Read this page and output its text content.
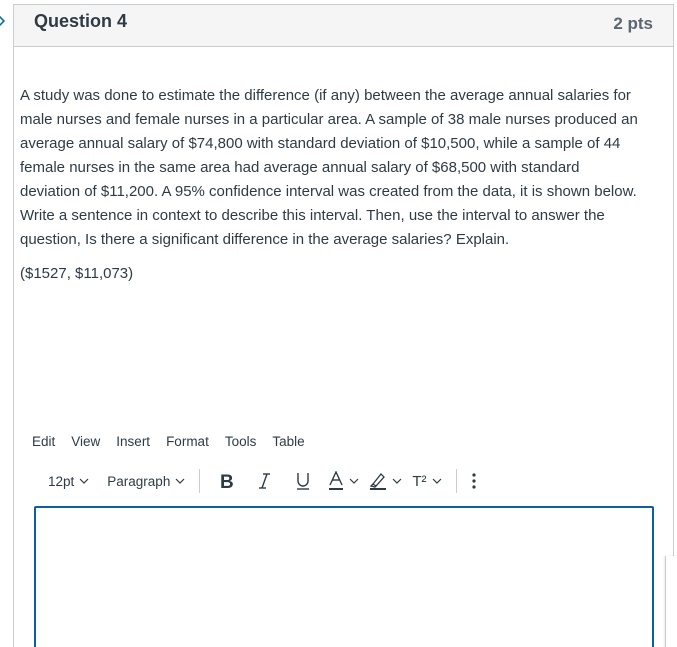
Question 4	2 pts

A study was done to estimate the difference (if any) between the average annual salaries for male nurses and female nurses in a particular area. A sample of 38 male nurses produced an average annual salary of $74,800 with standard deviation of $10,500, while a sample of 44 female nurses in the same area had average annual salary of $68,500 with standard deviation of $11,200. A 95% confidence interval was created from the data, it is shown below. Write a sentence in context to describe this interval. Then, use the interval to answer the question, Is there a significant difference in the average salaries? Explain.

($1527, $11,073)

Edit	View	Insert	Format	Tools	Table
12pt Paragraph	B	T²
